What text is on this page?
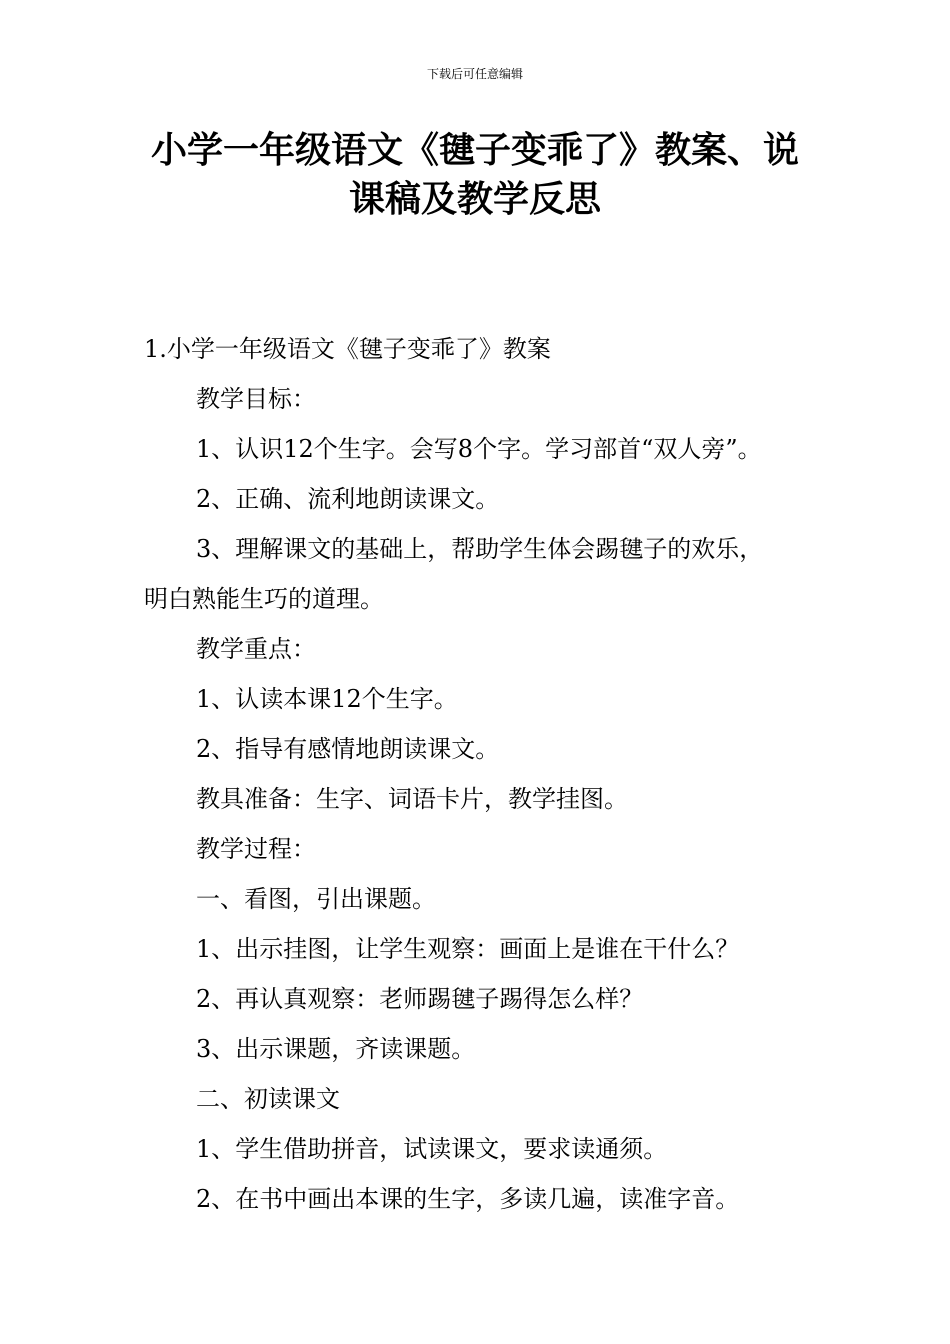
下载后可任意编辑
小学一年级语文《毽子变乖了》教案、说
课稿及教学反思

1.小学一年级语文《毽子变乖了》教案

教学目标：

1、认识12个生字。会写8个字。学习部首“双人旁”。

2、正确、流利地朗读课文。

3、理解课文的基础上，帮助学生体会踢毽子的欢乐，
明白熟能生巧的道理。

教学重点：

1、认读本课12个生字。

2、指导有感情地朗读课文。

教具准备：生字、词语卡片，教学挂图。

教学过程：

一、看图，引出课题。

1、出示挂图，让学生观察：画面上是谁在干什么？

2、再认真观察：老师踢毽子踢得怎么样？

3、出示课题，齐读课题。

二、初读课文

1、学生借助拼音，试读课文，要求读通须。

2、在书中画出本课的生字，多读几遍，读准字音。
